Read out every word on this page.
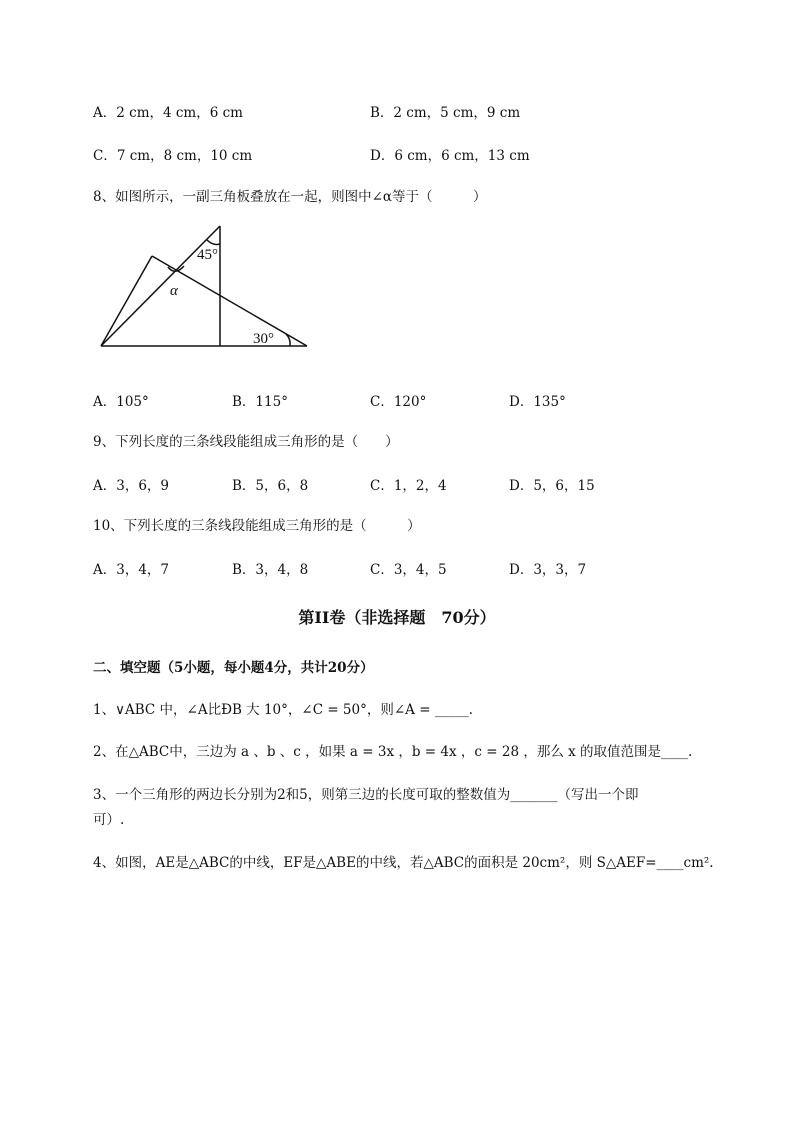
A．2 cm，4 cm，6 cm	B．2 cm，5 cm，9 cm
C．7 cm，8 cm，10 cm	D．6 cm，6 cm，13 cm
8、如图所示，一副三角板叠放在一起，则图中∠α等于（　　　）
45°
α
30°
A．105°	B．115°	C．120°	D．135°
9、下列长度的三条线段能组成三角形的是（　　）
A．3，6，9	B．5，6，8	C．1，2，4	D．5，6，15
10、下列长度的三条线段能组成三角形的是（　　　）
A．3，4，7	B．3，4，8	C．3，4，5	D．3，3，7
第II卷（非选择题　70分）
二、填空题（5小题，每小题4分，共计20分）
1、∨ABC 中，∠A比ÐB 大 10°，∠C = 50°，则∠A = _____.
2、在△ABC中，三边为 a 、b 、c ，如果 a = 3x ，b = 4x ，c = 28 ，那么 x 的取值范围是____.
3、一个三角形的两边长分别为2和5，则第三边的长度可取的整数值为_______（写出一个即
可）.
4、如图，AE是△ABC的中线，EF是△ABE的中线，若△ABC的面积是 20cm²，则 S△AEF=____cm².
